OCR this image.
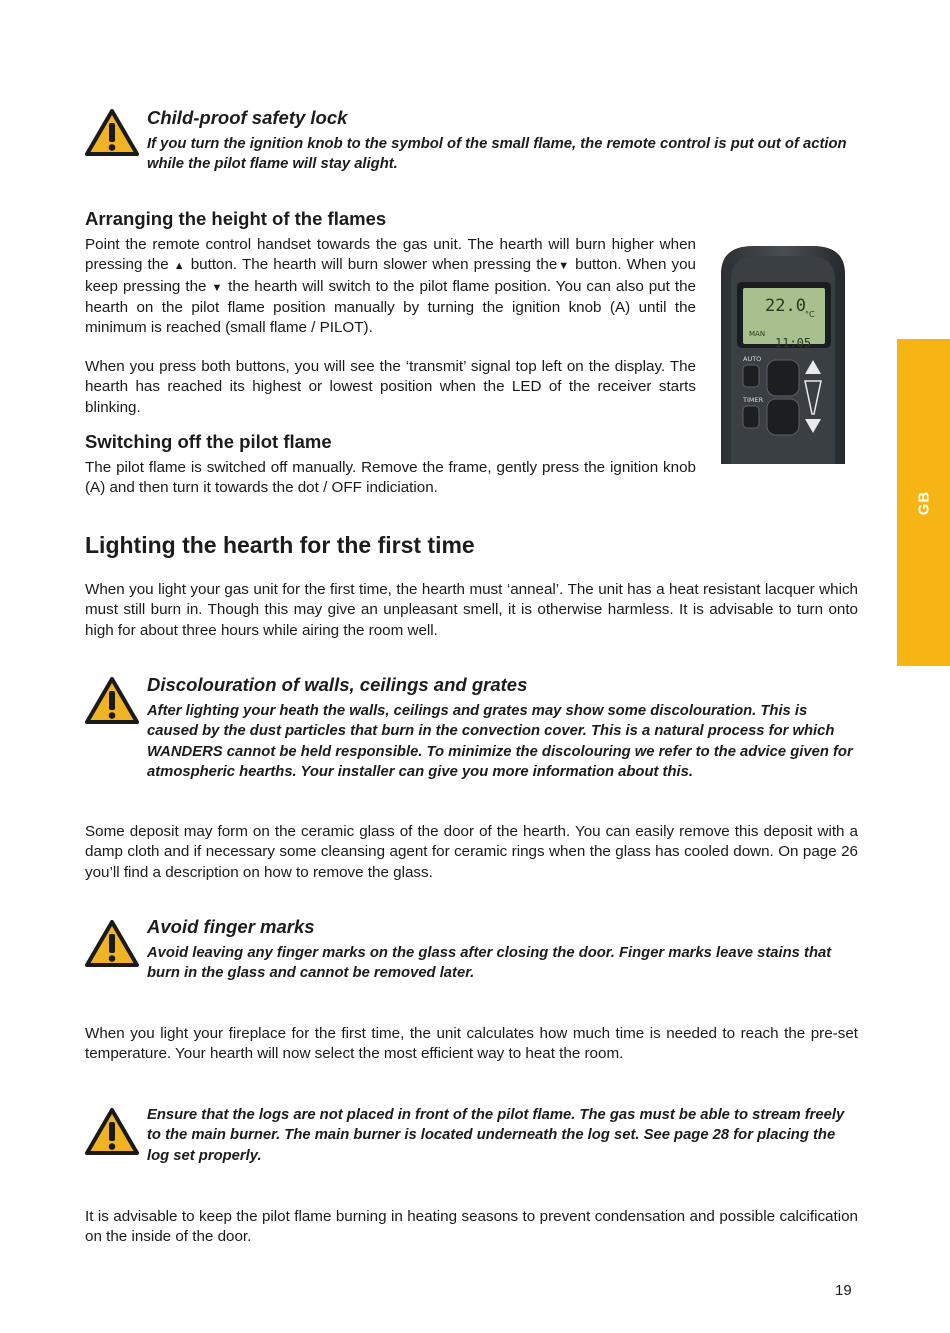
Child-proof safety lock
If you turn the ignition knob to the symbol of the small flame, the remote control is put out of action while the pilot flame will stay alight.
Arranging the height of the flames
Point the remote control handset towards the gas unit. The hearth will burn higher when pressing the ▲ button. The hearth will burn slower when pressing the▼ button. When you keep pressing the ▼ the hearth will switch to the pilot flame position. You can also put the hearth on the pilot flame position manually by turning the ignition knob (A) until the minimum is reached (small flame / PILOT).
When you press both buttons, you will see the ‘transmit’ signal top left on the display. The hearth has reached its highest or lowest position when the LED of the receiver starts blinking.
Switching off the pilot flame
The pilot flame is switched off manually. Remove the frame, gently press the ignition knob (A) and then turn it towards the dot / OFF indiciation.
22.0 °C
MAN
11:05
AUTO
TIMER
Lighting the hearth for the first time
When you light your gas unit for the first time, the hearth must ‘anneal’. The unit has a heat resistant lacquer which must still burn in. Though this may give an unpleasant smell, it is otherwise harmless. It is advisable to turn onto high for about three hours while airing the room well.
Discolouration of walls, ceilings and grates
After lighting your heath the walls, ceilings and grates may show some discolouration. This is caused by the dust particles that burn in the convection cover. This is a natural process for which WANDERS cannot be held responsible. To minimize the discolouring we refer to the advice given for atmospheric hearths. Your installer can give you more information about this.
Some deposit may form on the ceramic glass of the door of the hearth. You can easily remove this deposit with a damp cloth and if necessary some cleansing agent for ceramic rings when the glass has cooled down. On page 26 you’ll find a description on how to remove the glass.
Avoid finger marks
Avoid leaving any finger marks on the glass after closing the door. Finger marks leave stains that burn in the glass and cannot be removed later.
When you light your fireplace for the first time, the unit calculates how much time is needed to reach the pre-set temperature. Your hearth will now select the most efficient way to heat the room.
Ensure that the logs are not placed in front of the pilot flame. The gas must be able to stream freely to the main burner. The main burner is located underneath the log set. See page 28 for placing the log set properly.
It is advisable to keep the pilot flame burning in heating seasons to prevent condensation and possible calcification on the inside of the door.
GB
19
